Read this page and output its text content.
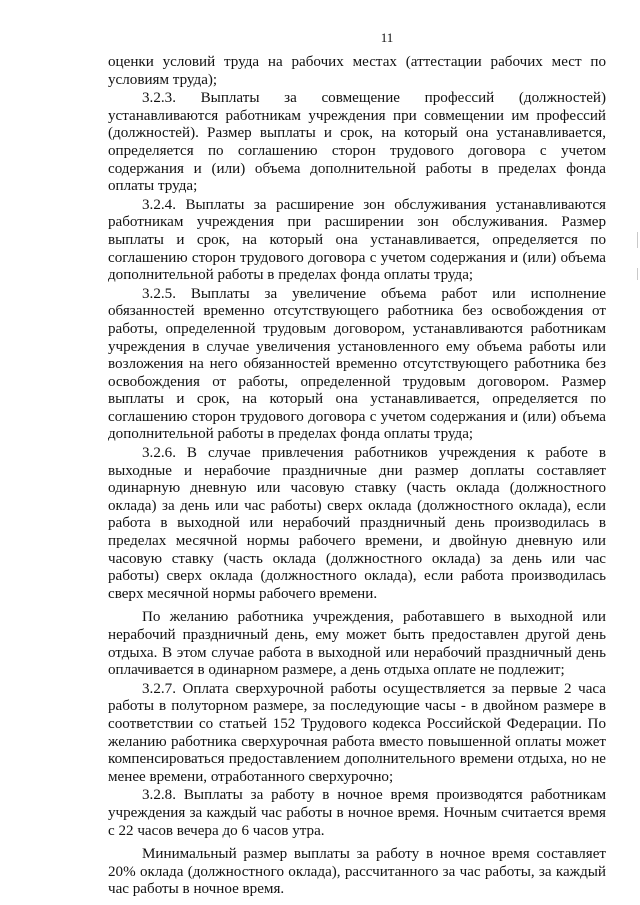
11

оценки условий труда на рабочих местах (аттестации рабочих мест по условиям труда);

3.2.3. Выплаты за совмещение профессий (должностей) устанавливаются работникам учреждения при совмещении им профессий (должностей). Размер выплаты и срок, на который она устанавливается, определяется по соглашению сторон трудового договора с учетом содержания и (или) объема дополнительной работы в пределах фонда оплаты труда;

3.2.4. Выплаты за расширение зон обслуживания устанавливаются работникам учреждения при расширении зон обслуживания. Размер выплаты и срок, на который она устанавливается, определяется по соглашению сторон трудового договора с учетом содержания и (или) объема дополнительной работы в пределах фонда оплаты труда;

3.2.5. Выплаты за увеличение объема работ или исполнение обязанностей временно отсутствующего работника без освобождения от работы, определенной трудовым договором, устанавливаются работникам учреждения в случае увеличения установленного ему объема работы или возложения на него обязанностей временно отсутствующего работника без освобождения от работы, определенной трудовым договором. Размер выплаты и срок, на который она устанавливается, определяется по соглашению сторон трудового договора с учетом содержания и (или) объема дополнительной работы в пределах фонда оплаты труда;

3.2.6. В случае привлечения работников учреждения к работе в выходные и нерабочие праздничные дни размер доплаты составляет одинарную дневную или часовую ставку (часть оклада (должностного оклада) за день или час работы) сверх оклада (должностного оклада), если работа в выходной или нерабочий праздничный день производилась в пределах месячной нормы рабочего времени, и двойную дневную или часовую ставку (часть оклада (должностного оклада) за день или час работы) сверх оклада (должностного оклада), если работа производилась сверх месячной нормы рабочего времени.

По желанию работника учреждения, работавшего в выходной или нерабочий праздничный день, ему может быть предоставлен другой день отдыха. В этом случае работа в выходной или нерабочий праздничный день оплачивается в одинарном размере, а день отдыха оплате не подлежит;

3.2.7. Оплата сверхурочной работы осуществляется за первые 2 часа работы в полуторном размере, за последующие часы - в двойном размере в соответствии со статьей 152 Трудового кодекса Российской Федерации. По желанию работника сверхурочная работа вместо повышенной оплаты может компенсироваться предоставлением дополнительного времени отдыха, но не менее времени, отработанного сверхурочно;

3.2.8. Выплаты за работу в ночное время производятся работникам учреждения за каждый час работы в ночное время. Ночным считается время с 22 часов вечера до 6 часов утра.

Минимальный размер выплаты за работу в ночное время составляет 20% оклада (должностного оклада), рассчитанного за час работы, за каждый час работы в ночное время.
